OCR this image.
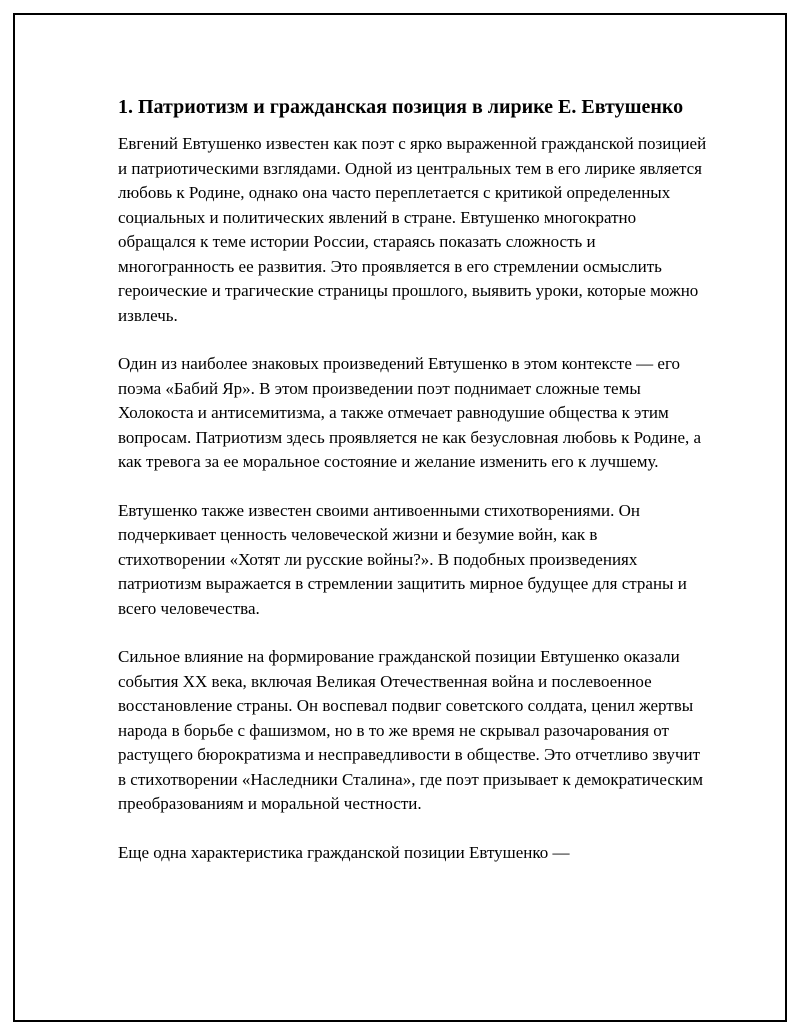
1. Патриотизм и гражданская позиция в лирике Е. Евтушенко

Евгений Евтушенко известен как поэт с ярко выраженной гражданской позицией и патриотическими взглядами. Одной из центральных тем в его лирике является любовь к Родине, однако она часто переплетается с критикой определенных социальных и политических явлений в стране. Евтушенко многократно обращался к теме истории России, стараясь показать сложность и многогранность ее развития. Это проявляется в его стремлении осмыслить героические и трагические страницы прошлого, выявить уроки, которые можно извлечь.

Один из наиболее знаковых произведений Евтушенко в этом контексте — его поэма «Бабий Яр». В этом произведении поэт поднимает сложные темы Холокоста и антисемитизма, а также отмечает равнодушие общества к этим вопросам. Патриотизм здесь проявляется не как безусловная любовь к Родине, а как тревога за ее моральное состояние и желание изменить его к лучшему.

Евтушенко также известен своими антивоенными стихотворениями. Он подчеркивает ценность человеческой жизни и безумие войн, как в стихотворении «Хотят ли русские войны?». В подобных произведениях патриотизм выражается в стремлении защитить мирное будущее для страны и всего человечества.

Сильное влияние на формирование гражданской позиции Евтушенко оказали события XX века, включая Великая Отечественная война и послевоенное восстановление страны. Он воспевал подвиг советского солдата, ценил жертвы народа в борьбе с фашизмом, но в то же время не скрывал разочарования от растущего бюрократизма и несправедливости в обществе. Это отчетливо звучит в стихотворении «Наследники Сталина», где поэт призывает к демократическим преобразованиям и моральной честности.

Еще одна характеристика гражданской позиции Евтушенко —
